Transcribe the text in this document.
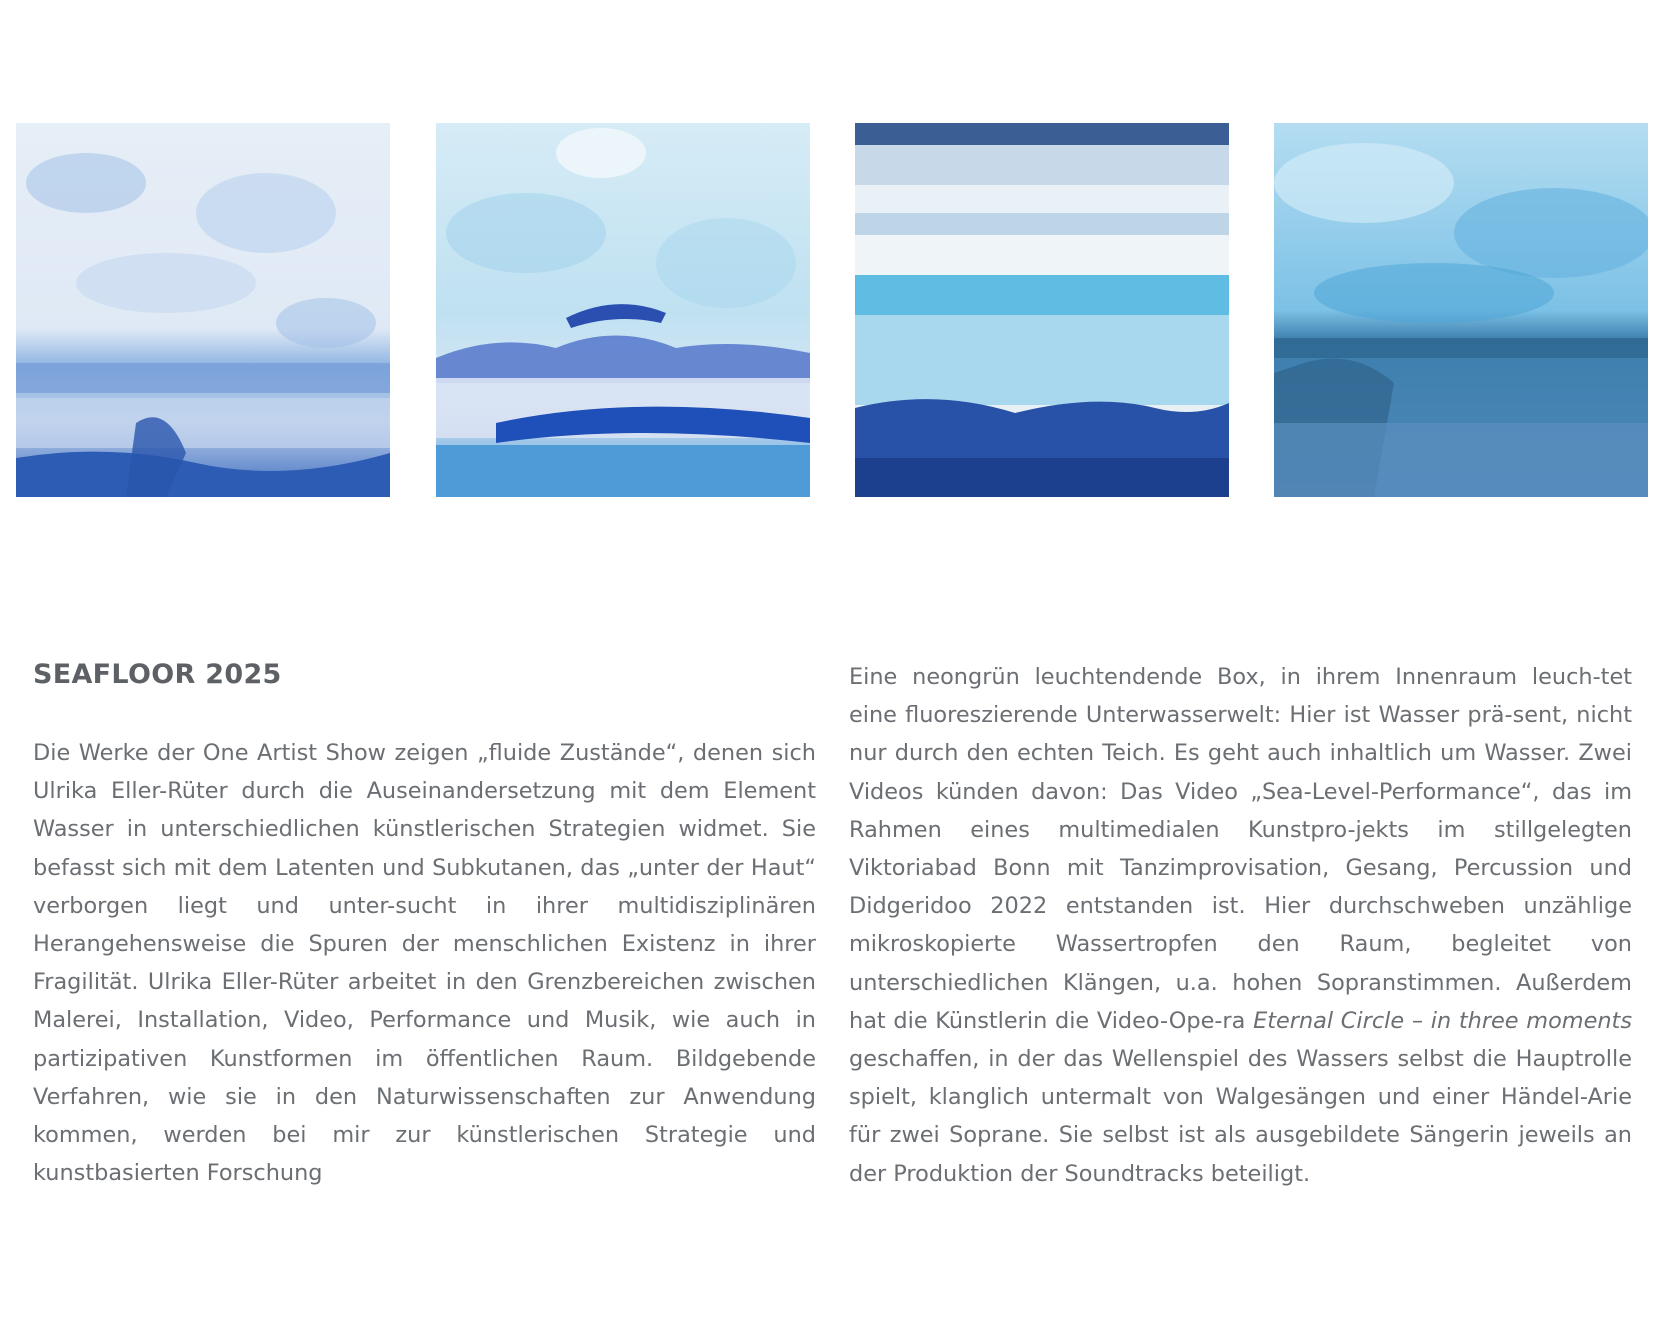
SEAFLOOR 2025

Die Werke der One Artist Show zeigen „fluide Zustände“, denen sich Ulrika Eller-Rüter durch die Auseinandersetzung mit dem Element Wasser in unterschiedlichen künstlerischen Strategien widmet. Sie befasst sich mit dem Latenten und Subkutanen, das „unter der Haut“ verborgen liegt und unter-sucht in ihrer multidisziplinären Herangehensweise die Spuren der menschlichen Existenz in ihrer Fragilität. Ulrika Eller-Rüter arbeitet in den Grenzbereichen zwischen Malerei, Installation, Video, Performance und Musik, wie auch in partizipativen Kunstformen im öffentlichen Raum. Bildgebende Verfahren, wie sie in den Naturwissenschaften zur Anwendung kommen, werden bei mir zur künstlerischen Strategie und kunstbasierten Forschung

Eine neongrün leuchtendende Box, in ihrem Innenraum leuch-tet eine fluoreszierende Unterwasserwelt: Hier ist Wasser prä-sent, nicht nur durch den echten Teich. Es geht auch inhaltlich um Wasser. Zwei Videos künden davon: Das Video „Sea-Level-Performance“, das im Rahmen eines multimedialen Kunstpro-jekts im stillgelegten Viktoriabad Bonn mit Tanzimprovisation, Gesang, Percussion und Didgeridoo 2022 entstanden ist. Hier durchschweben unzählige mikroskopierte Wassertropfen den Raum, begleitet von unterschiedlichen Klängen, u.a. hohen Sopranstimmen. Außerdem hat die Künstlerin die Video-Ope-ra Eternal Circle – in three moments geschaffen, in der das Wellenspiel des Wassers selbst die Hauptrolle spielt, klanglich untermalt von Walgesängen und einer Händel-Arie für zwei Soprane. Sie selbst ist als ausgebildete Sängerin jeweils an der Produktion der Soundtracks beteiligt.
